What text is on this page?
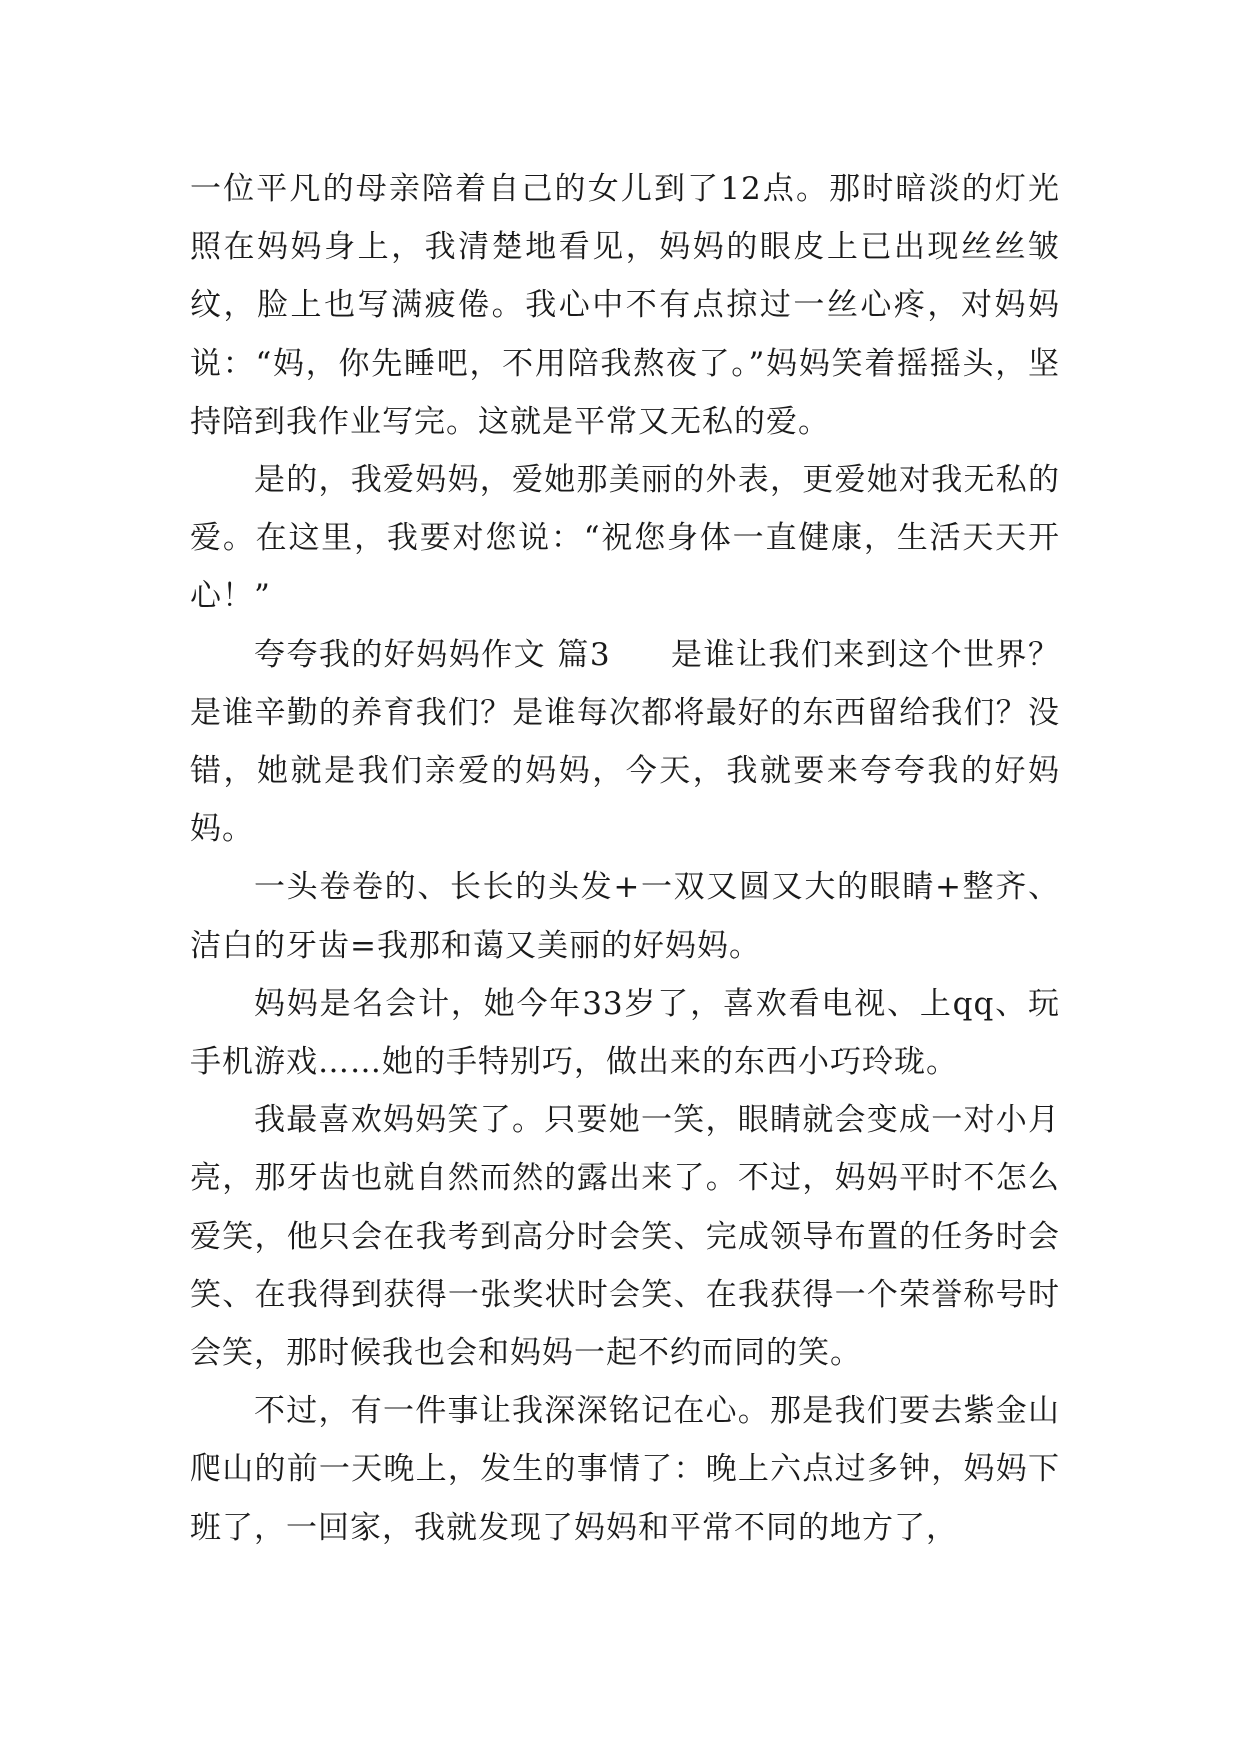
一位平凡的母亲陪着自己的女儿到了12点。那时暗淡的灯光照在妈妈身上，我清楚地看见，妈妈的眼皮上已出现丝丝皱纹，脸上也写满疲倦。我心中不有点掠过一丝心疼，对妈妈说：“妈，你先睡吧，不用陪我熬夜了。”妈妈笑着摇摇头，坚持陪到我作业写完。这就是平常又无私的爱。

是的，我爱妈妈，爱她那美丽的外表，更爱她对我无私的爱。在这里，我要对您说：“祝您身体一直健康，生活天天开心！”

夸夸我的好妈妈作文 篇3 是谁让我们来到这个世界？是谁辛勤的养育我们？是谁每次都将最好的东西留给我们？没错，她就是我们亲爱的妈妈，今天，我就要来夸夸我的好妈妈。

一头卷卷的、长长的头发+一双又圆又大的眼睛+整齐、洁白的牙齿=我那和蔼又美丽的好妈妈。

妈妈是名会计，她今年33岁了，喜欢看电视、上qq、玩手机游戏……她的手特别巧，做出来的东西小巧玲珑。

我最喜欢妈妈笑了。只要她一笑，眼睛就会变成一对小月亮，那牙齿也就自然而然的露出来了。不过，妈妈平时不怎么爱笑，他只会在我考到高分时会笑、完成领导布置的任务时会笑、在我得到获得一张奖状时会笑、在我获得一个荣誉称号时会笑，那时候我也会和妈妈一起不约而同的笑。

不过，有一件事让我深深铭记在心。那是我们要去紫金山爬山的前一天晚上，发生的事情了：晚上六点过多钟，妈妈下班了，一回家，我就发现了妈妈和平常不同的地方了，
